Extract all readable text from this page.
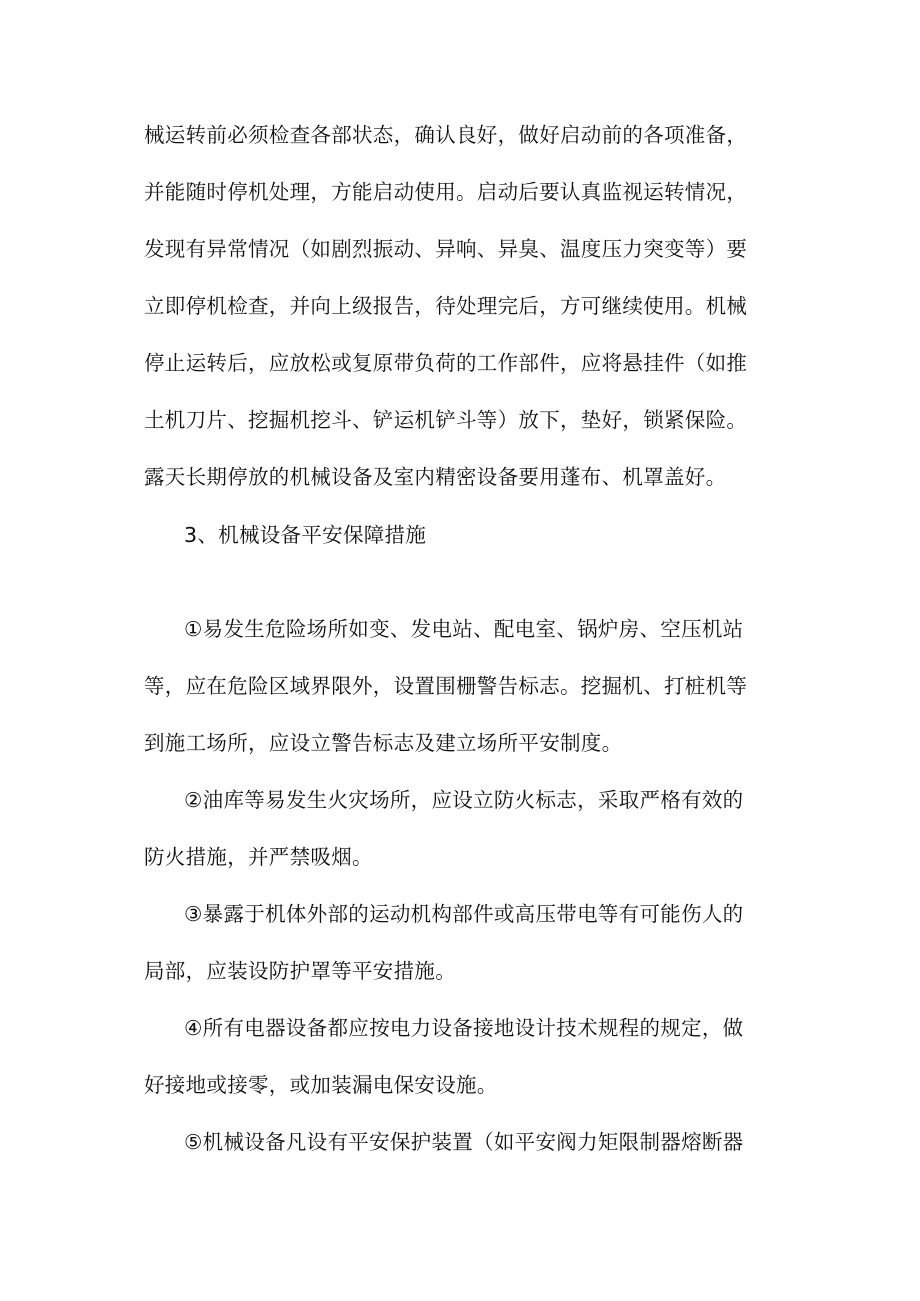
械运转前必须检查各部状态，确认良好，做好启动前的各项准备，
并能随时停机处理，方能启动使用。启动后要认真监视运转情况，
发现有异常情况（如剧烈振动、异响、异臭、温度压力突变等）要
立即停机检查，并向上级报告，待处理完后，方可继续使用。机械
停止运转后，应放松或复原带负荷的工作部件，应将悬挂件（如推
土机刀片、挖掘机挖斗、铲运机铲斗等）放下，垫好，锁紧保险。
露天长期停放的机械设备及室内精密设备要用蓬布、机罩盖好。
3、机械设备平安保障措施
①易发生危险场所如变、发电站、配电室、锅炉房、空压机站
等，应在危险区域界限外，设置围栅警告标志。挖掘机、打桩机等
到施工场所，应设立警告标志及建立场所平安制度。
②油库等易发生火灾场所，应设立防火标志，采取严格有效的
防火措施，并严禁吸烟。
③暴露于机体外部的运动机构部件或高压带电等有可能伤人的
局部，应装设防护罩等平安措施。
④所有电器设备都应按电力设备接地设计技术规程的规定，做
好接地或接零，或加装漏电保安设施。
⑤机械设备凡设有平安保护装置（如平安阀力矩限制器熔断器
